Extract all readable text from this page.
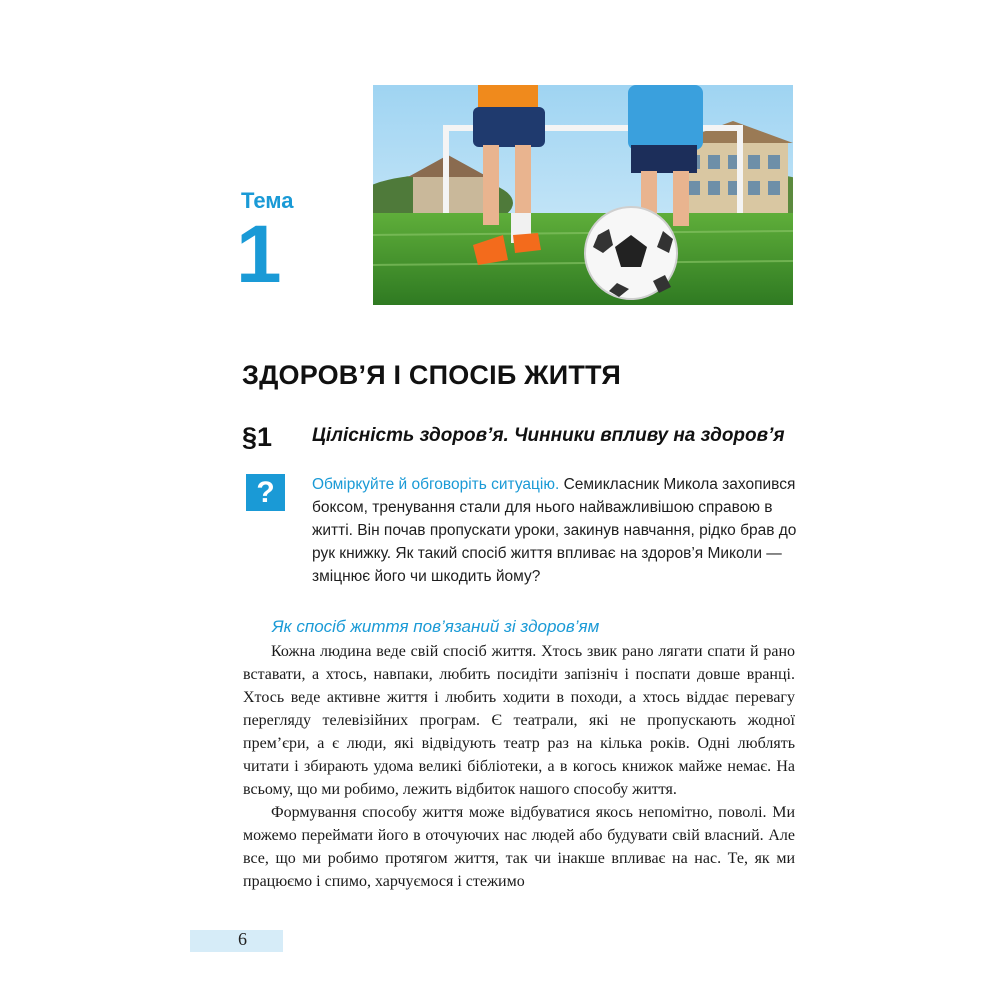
Тема
1
ЗДОРОВ’Я І СПОСІБ ЖИТТЯ
§1 Цілісність здоров’я. Чинники впливу на здоров’я
?	Обміркуйте й обговоріть ситуацію. Семикласник Микола захопився боксом, тренування стали для нього найважливішою справою в житті. Він почав пропускати уроки, закинув навчання, рідко брав до рук книжку. Як такий спосіб життя впливає на здоров’я Миколи — зміцнює його чи шкодить йому?
Як спосіб життя пов’язаний зі здоров’ям

Кожна людина веде свій спосіб життя. Хтось звик рано лягати спати й рано вставати, а хтось, навпаки, любить посидіти запізніч і поспати довше вранці. Хтось веде активне життя і любить ходити в походи, а хтось віддає перевагу перегляду телевізійних програм. Є театрали, які не пропускають жодної прем’єри, а є люди, які відвідують театр раз на кілька років. Одні люблять читати і збирають удома великі бібліотеки, а в когось книжок майже немає. На всьому, що ми робимо, лежить відбиток нашого способу життя.

Формування способу життя може відбуватися якось непомітно, поволі. Ми можемо переймати його в оточуючих нас людей або будувати свій власний. Але все, що ми робимо протягом життя, так чи інакше впливає на нас. Те, як ми працюємо і спимо, харчуємося і стежимо

6
